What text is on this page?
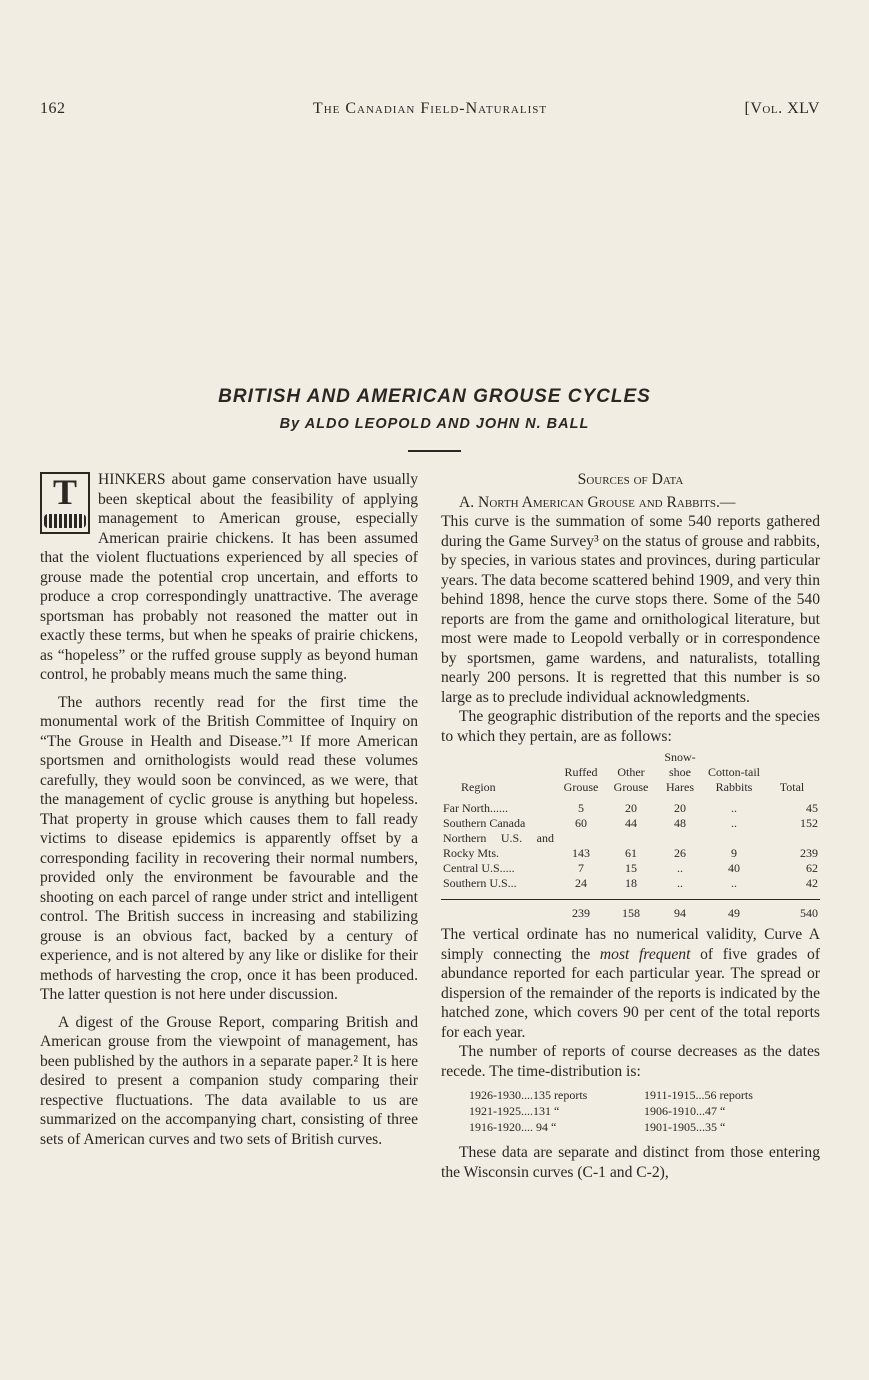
162	The Canadian Field-Naturalist	[Vol. XLV
BRITISH AND AMERICAN GROUSE CYCLES
By ALDO LEOPOLD AND JOHN N. BALL
T	HINKERS about game conservation have usually been skeptical about the feasibility of applying management to American grouse, especially American prairie chickens. It has been assumed that the violent fluctuations experienced by all species of grouse made the potential crop uncertain, and efforts to produce a crop correspondingly unattractive. The average sportsman has probably not reasoned the matter out in exactly these terms, but when he speaks of prairie chickens, as “hopeless” or the ruffed grouse supply as beyond human control, he probably means much the same thing.

The authors recently read for the first time the monumental work of the British Committee of Inquiry on “The Grouse in Health and Disease.”¹ If more American sportsmen and ornithologists would read these volumes carefully, they would soon be convinced, as we were, that the management of cyclic grouse is anything but hopeless. That property in grouse which causes them to fall ready victims to disease epidemics is apparently offset by a corresponding facility in recovering their normal numbers, provided only the environment be favourable and the shooting on each parcel of range under strict and intelligent control. The British success in increasing and stabilizing grouse is an obvious fact, backed by a century of experience, and is not altered by any like or dislike for their methods of harvesting the crop, once it has been produced. The latter question is not here under discussion.

A digest of the Grouse Report, comparing British and American grouse from the viewpoint of management, has been published by the authors in a separate paper.² It is here desired to present a companion study comparing their respective fluctuations. The data available to us are summarized on the accompanying chart, consisting of three sets of American curves and two sets of British curves.

Sources of Data

A. North American Grouse and Rabbits.—

This curve is the summation of some 540 reports gathered during the Game Survey³ on the status of grouse and rabbits, by species, in various states and provinces, during particular years. The data become scattered behind 1909, and very thin behind 1898, hence the curve stops there. Some of the 540 reports are from the game and ornithological literature, but most were made to Leopold verbally or in correspondence by sportsmen, game wardens, and naturalists, totalling nearly 200 persons. It is regretted that this number is so large as to preclude individual acknowledgments.

The geographic distribution of the reports and the species to which they pertain, are as follows:

Region	Ruffed Grouse	Other Grouse	Snow-shoe Hares	Cotton-tail Rabbits	Total

Far North......	5	20	20	..	45
Southern Canada	60	44	48	..	152
Northern U.S. and Rocky Mts.	143	61	26	9	239
Central U.S.....	7	15	..	40	62
Southern U.S...	24	18	..	..	42

	239	158	94	49	540

The vertical ordinate has no numerical validity, Curve A simply connecting the most frequent of five grades of abundance reported for each particular year. The spread or dispersion of the remainder of the reports is indicated by the hatched zone, which covers 90 per cent of the total reports for each year.

The number of reports of course decreases as the dates recede. The time-distribution is:

1926-1930....135 reports	1911-1915...56 reports
1921-1925....131 “	1906-1910...47 “
1916-1920.... 94 “	1901-1905...35 “

These data are separate and distinct from those entering the Wisconsin curves (C-1 and C-2),
